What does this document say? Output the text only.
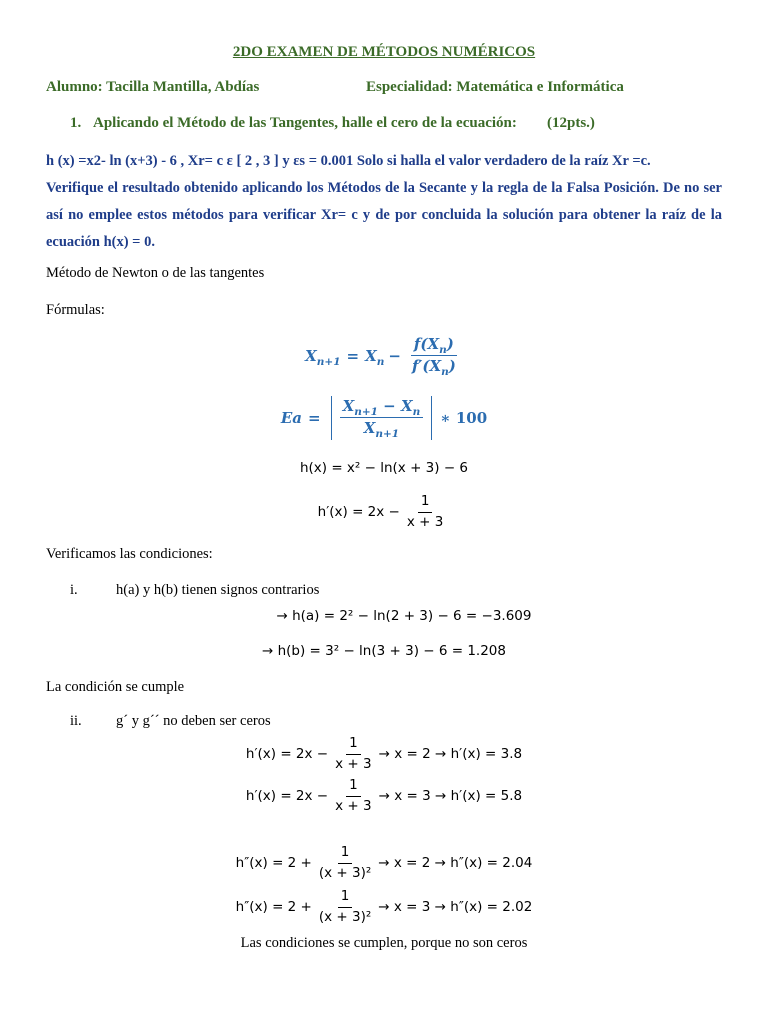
2DO EXAMEN DE MÉTODOS NUMÉRICOS
Alumno: Tacilla Mantilla, Abdías	Especialidad: Matemática e Informática
1. Aplicando el Método de las Tangentes, halle el cero de la ecuación: (12pts.)
h (x) =x2- ln (x+3) - 6 , Xr= c ε [ 2 , 3 ] y εs = 0.001 Solo si halla el valor verdadero de la raíz Xr =c.
Verifique el resultado obtenido aplicando los Métodos de la Secante y la regla de la Falsa Posición. De no ser así no emplee estos métodos para verificar Xr= c y de por concluida la solución para obtener la raíz de la ecuación h(x) = 0.
Método de Newton o de las tangentes
Fórmulas:
$X_{n+1} = X_n - \frac{f(X_n)}{f'(X_n)}$
$Ea = \frac{X_{n+1} - X_n}{X_{n+1}}$ ∗ 100
h(x) = x² − ln(x + 3) − 6
$h'(x) = 2x - \frac{1}{x + 3}$
Verificamos las condiciones:
i.	h(a) y h(b) tienen signos contrarios
→ h(a) = 2² − ln(2 + 3) − 6 = −3.609
→ h(b) = 3² − ln(3 + 3) − 6 = 1.208
La condición se cumple
ii. g´ y g´´ no deben ser ceros
$h'(x) = 2x - \frac{1}{x + 3} \to x = 2 \to h'(x) = 3.8$
$h'(x) = 2x - \frac{1}{x + 3} \to x = 3 \to h'(x) = 5.8$
$h''(x) = 2 + \frac{1}{\text{(x + 3)²}} \to x = 2 \to h''(x) = 2.04$
$h''(x) = 2 + \frac{1}{\text{(x + 3)²}} \to x = 3 \to h''(x) = 2.02$
Las condiciones se cumplen, porque no son ceros
